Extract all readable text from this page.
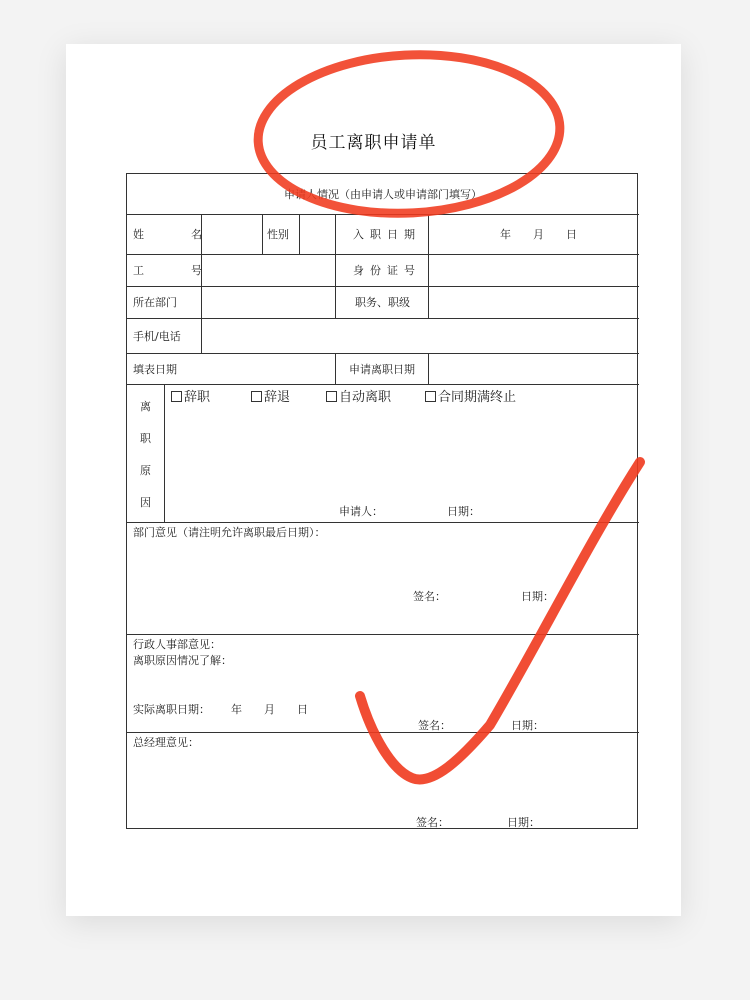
员工离职申请单
申请人情况（由申请人或申请部门填写）
姓　名	性别	入职日期	年 月 日
工　号	身份证号
所在部门	职务、职级
手机/电话
填表日期	申请离职日期
离
职
原
因
辞职	辞退	自动离职	合同期满终止
申请人：	日期：
部门意见（请注明允许离职最后日期）：
签名：	日期：
行政人事部意见：
离职原因情况了解：
实际离职日期： 年 月 日
签名：	日期：
总经理意见：
签名：	日期：
